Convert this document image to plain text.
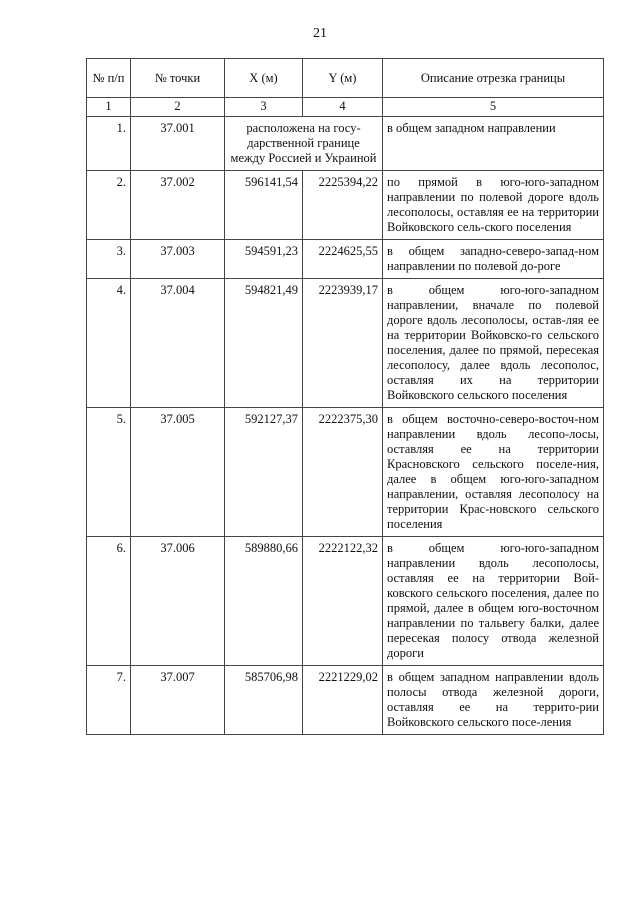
21
№ п/п	№ точки	X (м)	Y (м)	Описание отрезка границы
1	2	3	4	5
1.	37.001	расположена на госу-дарственной границе между Россией и Украиной		в общем западном направлении
2.	37.002	596141,54	2225394,22	по прямой в юго-юго-западном направлении по полевой дороге вдоль лесополосы, оставляя ее на территории Войковского сель-ского поселения
3.	37.003	594591,23	2224625,55	в общем западно-северо-запад-ном направлении по полевой до-роге
4.	37.004	594821,49	2223939,17	в общем юго-юго-западном направлении, вначале по полевой дороге вдоль лесополосы, остав-ляя ее на территории Войковско-го сельского поселения, далее по прямой, пересекая лесополосу, далее вдоль лесополос, оставляя их на территории Войковского сельского поселения
5.	37.005	592127,37	2222375,30	в общем восточно-северо-восточ-ном направлении вдоль лесопо-лосы, оставляя ее на территории Красновского сельского поселе-ния, далее в общем юго-юго-западном направлении, оставляя лесополосу на территории Крас-новского сельского поселения
6.	37.006	589880,66	2222122,32	в общем юго-юго-западном направлении вдоль лесополосы, оставляя ее на территории Вой-ковского сельского поселения, далее по прямой, далее в общем юго-восточном направлении по тальвегу балки, далее пересекая полосу отвода железной дороги
7.	37.007	585706,98	2221229,02	в общем западном направлении вдоль полосы отвода железной дороги, оставляя ее на террито-рии Войковского сельского посе-ления
